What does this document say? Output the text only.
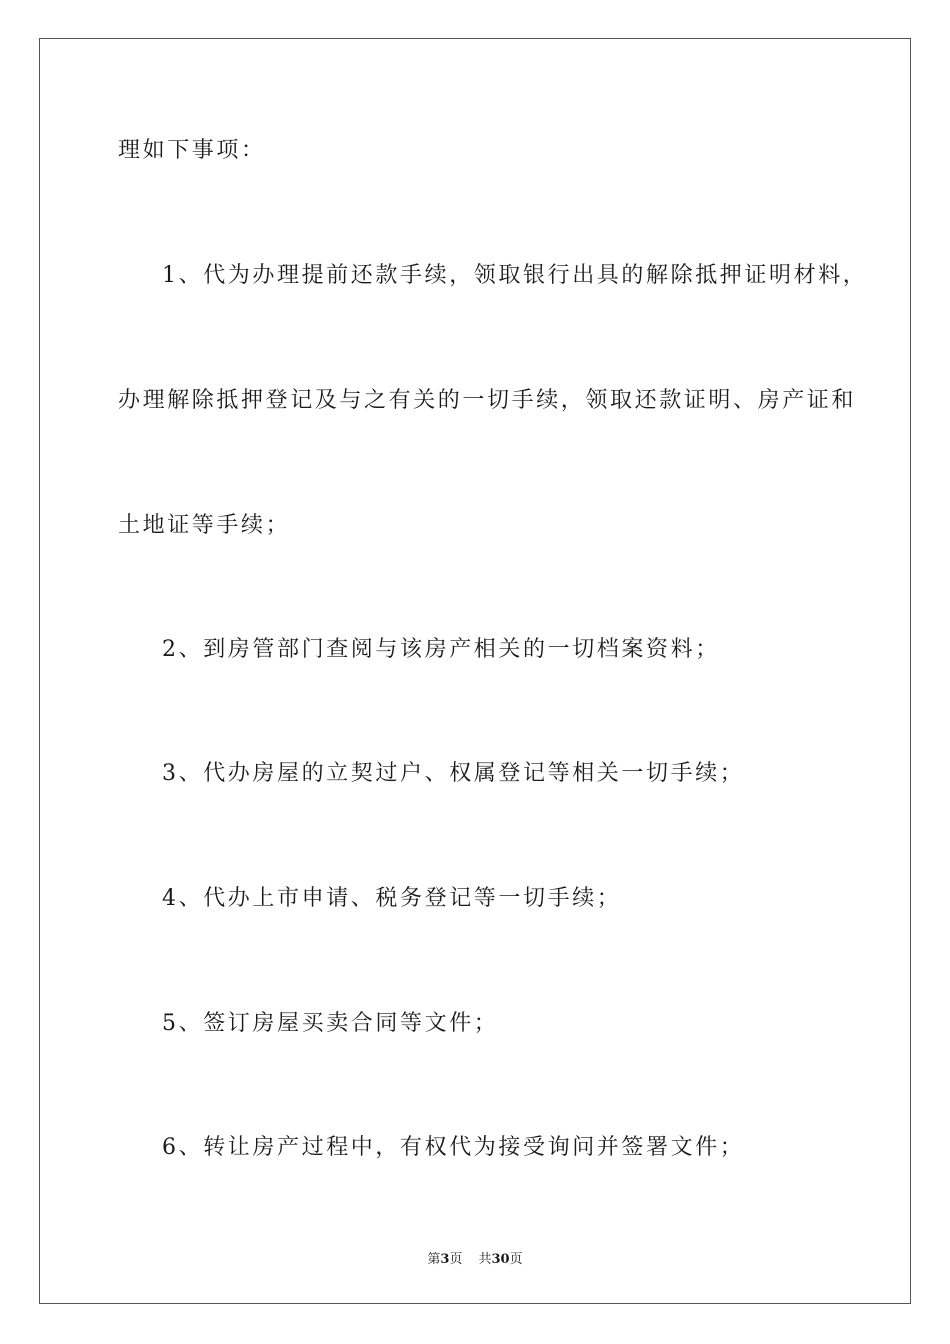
理如下事项：
1、代为办理提前还款手续，领取银行出具的解除抵押证明材料，
办理解除抵押登记及与之有关的一切手续，领取还款证明、房产证和
土地证等手续；
2、到房管部门查阅与该房产相关的一切档案资料；
3、代办房屋的立契过户、权属登记等相关一切手续；
4、代办上市申请、税务登记等一切手续；
5、签订房屋买卖合同等文件；
6、转让房产过程中，有权代为接受询问并签署文件；
第3页 共30页
